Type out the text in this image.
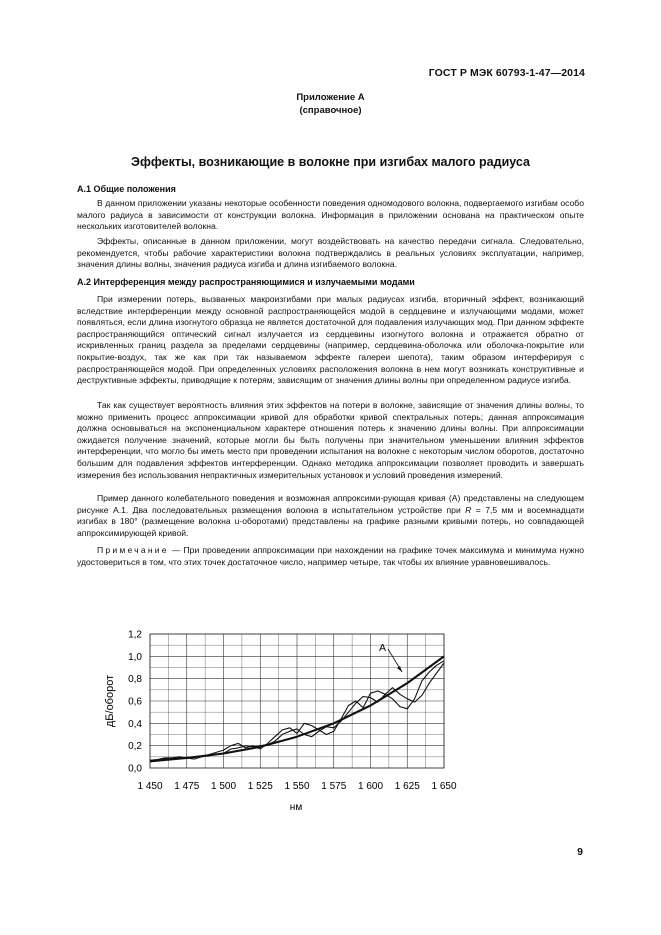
ГОСТ Р МЭК 60793-1-47—2014
Приложение А
(справочное)
Эффекты, возникающие в волокне при изгибах малого радиуса
А.1 Общие положения

В данном приложении указаны некоторые особенности поведения одномодового волокна, подвергаемого изгибам особо малого радиуса в зависимости от конструкции волокна. Информация в приложении основана на практическом опыте нескольких изготовителей волокна.

Эффекты, описанные в данном приложении, могут воздействовать на качество передачи сигнала. Следовательно, рекомендуется, чтобы рабочие характеристики волокна подтверждались в реальных условиях эксплуатации, например, значения длины волны, значения радиуса изгиба и длина изгибаемого волокна.

А.2 Интерференция между распространяющимися и излучаемыми модами

При измерении потерь, вызванных макроизгибами при малых радиусах изгиба, вторичный эффект, возникающий вследствие интерференции между основной распространяющейся модой в сердцевине и излучающими модами, может появляться, если длина изогнутого образца не является достаточной для подавления излучающих мод. При данном эффекте распространяющийся оптический сигнал излучается из сердцевины изогнутого волокна и отражается обратно от искривленных границ раздела за пределами сердцевины (например, сердцевина-оболочка или оболочка-покрытие или покрытие-воздух, так же как при так называемом эффекте галереи шепота), таким образом интерферируя с распространяющейся модой. При определенных условиях расположения волокна в нем могут возникать конструктивные и деструктивные эффекты, приводящие к потерям, зависящим от значения длины волны при определенном радиусе изгиба.

Так как существует вероятность влияния этих эффектов на потери в волокне, зависящие от значения длины волны, то можно применить процесс аппроксимации кривой для обработки кривой спектральных потерь; данная аппроксимация должна основываться на экспоненциальном характере отношения потерь к значению длины волны. При аппроксимации ожидается получение значений, которые могли бы быть получены при значительном уменьшении влияния эффектов интерференции, что могло бы иметь место при проведении испытания на волокне с некоторым числом оборотов, достаточно большим для подавления эффектов интерференции. Однако методика аппроксимации позволяет проводить и завершать измерения без использования непрактичных измерительных установок и условий проведения измерений.

Пример данного колебательного поведения и возможная аппроксими-рующая кривая (А) представлены на следующем рисунке А.1. Два последовательных размещения волокна в испытательном устройстве при R = 7,5 мм и восемнадцати изгибах в 180° (размещение волокна u-оборотами) представлены на графике разными кривыми потерь, но совпадающей аппроксимирующей кривой.

Примечание — При проведении аппроксимации при нахождении на графике точек максимума и минимума нужно удостовериться в том, что этих точек достаточное число, например четыре, так чтобы их влияние уравновешивалось.

0,0
0,2
0,4
0,6
0,8
1,0
1,2
1 450 1 475 1 500 1 525 1 550 1 575 1 600 1 625 1 650
дБ/оборот
нм
A
9
